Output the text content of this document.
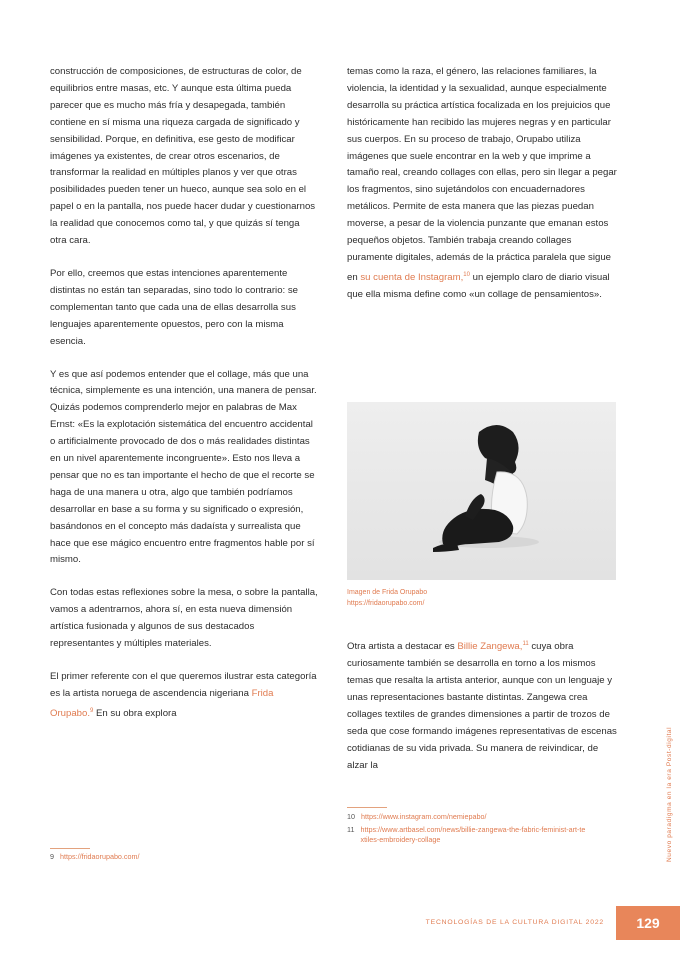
construcción de composiciones, de estructuras de color, de equilibrios entre masas, etc. Y aunque esta última pueda parecer que es mucho más fría y desapegada, también contiene en sí misma una riqueza cargada de significado y sensibilidad. Porque, en definitiva, ese gesto de modificar imágenes ya existentes, de crear otros escenarios, de transformar la realidad en múltiples planos y ver que otras posibilidades pueden tener un hueco, aunque sea solo en el papel o en la pantalla, nos puede hacer dudar y cuestionarnos la realidad que conocemos como tal, y que quizás sí tenga otra cara.

Por ello, creemos que estas intenciones aparentemente distintas no están tan separadas, sino todo lo contrario: se complementan tanto que cada una de ellas desarrolla sus lenguajes aparentemente opuestos, pero con la misma esencia.

Y es que así podemos entender que el collage, más que una técnica, simplemente es una intención, una manera de pensar. Quizás podemos comprenderlo mejor en palabras de Max Ernst: «Es la explotación sistemática del encuentro accidental o artificialmente provocado de dos o más realidades distintas en un nivel aparentemente incongruente». Esto nos lleva a pensar que no es tan importante el hecho de que el recorte se haga de una manera u otra, algo que también podríamos desarrollar en base a su forma y su significado o expresión, basándonos en el concepto más dadaísta y surrealista que hace que ese mágico encuentro entre fragmentos hable por sí mismo.

Con todas estas reflexiones sobre la mesa, o sobre la pantalla, vamos a adentrarnos, ahora sí, en esta nueva dimensión artística fusionada y algunos de sus destacados representantes y múltiples materiales.

El primer referente con el que queremos ilustrar esta categoría es la artista noruega de ascendencia nigeriana Frida Orupabo.$^9$ En su obra explora

9 https://fridaorupabo.com/

temas como la raza, el género, las relaciones familiares, la violencia, la identidad y la sexualidad, aunque especialmente desarrolla su práctica artística focalizada en los prejuicios que históricamente han recibido las mujeres negras y en particular sus cuerpos. En su proceso de trabajo, Orupabo utiliza imágenes que suele encontrar en la web y que imprime a tamaño real, creando collages con ellas, pero sin llegar a pegar los fragmentos, sino sujetándolos con encuadernadores metálicos. Permite de esta manera que las piezas puedan moverse, a pesar de la violencia punzante que emanan estos pequeños objetos. También trabaja creando collages puramente digitales, además de la práctica paralela que sigue en su cuenta de Instagram,$^{10}$ un ejemplo claro de diario visual que ella misma define como «un collage de pensamientos».

Imagen de Frida Orupabo
https://fridaorupabo.com/

Otra artista a destacar es Billie Zangewa,$^{11}$ cuya obra curiosamente también se desarrolla en torno a los mismos temas que resalta la artista anterior, aunque con un lenguaje y unas representaciones bastante distintas. Zangewa crea collages textiles de grandes dimensiones a partir de trozos de seda que cose formando imágenes representativas de escenas cotidianas de su vida privada. Su manera de reivindicar, de alzar la

10 https://www.instagram.com/nemiepabo/
11 https://www.artbasel.com/news/billie-zangewa-the-fabric-feminist-art-textiles-embroidery-collage
TECNOLOGÍAS DE LA CULTURA DIGITAL 2022 129
Nuevo paradigma en la era Post-digital
